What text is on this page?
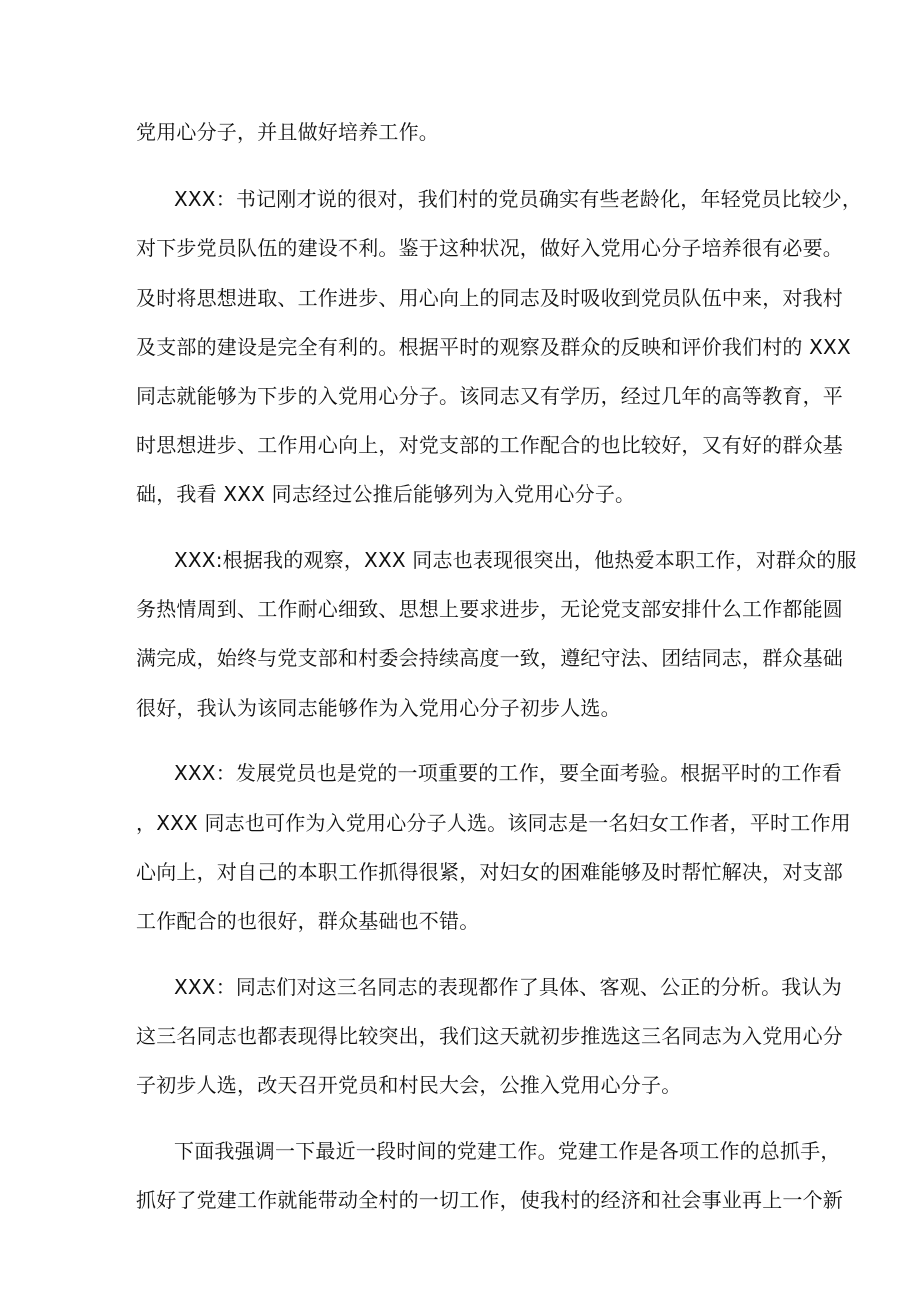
党用心分子，并且做好培养工作。
XXX：书记刚才说的很对，我们村的党员确实有些老龄化，年轻党员比较少，
对下步党员队伍的建设不利。鉴于这种状况，做好入党用心分子培养很有必要。
及时将思想进取、工作进步、用心向上的同志及时吸收到党员队伍中来，对我村
及支部的建设是完全有利的。根据平时的观察及群众的反映和评价我们村的 XXX
同志就能够为下步的入党用心分子。该同志又有学历，经过几年的高等教育，平
时思想进步、工作用心向上，对党支部的工作配合的也比较好，又有好的群众基
础，我看 XXX 同志经过公推后能够列为入党用心分子。
XXX:根据我的观察，XXX 同志也表现很突出，他热爱本职工作，对群众的服
务热情周到、工作耐心细致、思想上要求进步，无论党支部安排什么工作都能圆
满完成，始终与党支部和村委会持续高度一致，遵纪守法、团结同志，群众基础
很好，我认为该同志能够作为入党用心分子初步人选。
XXX：发展党员也是党的一项重要的工作，要全面考验。根据平时的工作看
，XXX 同志也可作为入党用心分子人选。该同志是一名妇女工作者，平时工作用
心向上，对自己的本职工作抓得很紧，对妇女的困难能够及时帮忙解决，对支部
工作配合的也很好，群众基础也不错。
XXX：同志们对这三名同志的表现都作了具体、客观、公正的分析。我认为
这三名同志也都表现得比较突出，我们这天就初步推选这三名同志为入党用心分
子初步人选，改天召开党员和村民大会，公推入党用心分子。
下面我强调一下最近一段时间的党建工作。党建工作是各项工作的总抓手，
抓好了党建工作就能带动全村的一切工作，使我村的经济和社会事业再上一个新
